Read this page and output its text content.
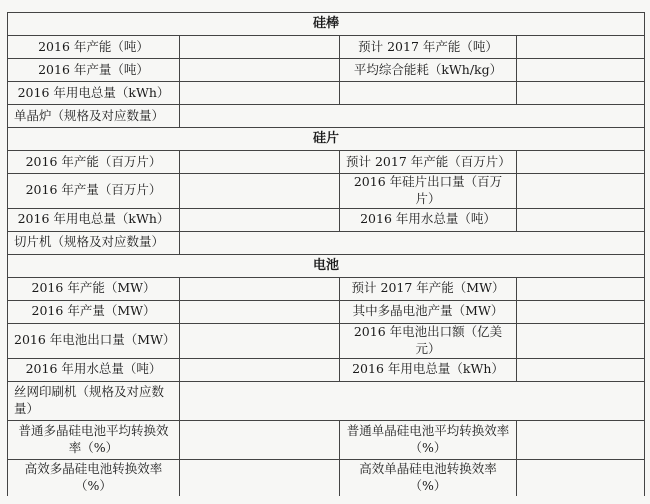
硅棒			
2016 年产能（吨）		预计 2017 年产能（吨）	
2016 年产量（吨）		平均综合能耗（kWh/kg）	
2016 年用电总量（kWh）			
单晶炉（规格及对应数量）			
硅片			
2016 年产能（百万片）		预计 2017 年产能（百万片）	
2016 年产量（百万片）		2016 年硅片出口量（百万片）	
2016 年用电总量（kWh）		2016 年用水总量（吨）	
切片机（规格及对应数量）			
电池			
2016 年产能（MW）		预计 2017 年产能（MW）	
2016 年产量（MW）		其中多晶电池产量（MW）	
2016 年电池出口量（MW）		2016 年电池出口额（亿美元）	
2016 年用水总量（吨）		2016 年用电总量（kWh）	
丝网印刷机（规格及对应数量）			
普通多晶硅电池平均转换效率（%）		普通单晶硅电池平均转换效率（%）	
高效多晶硅电池转换效率（%）		高效单晶硅电池转换效率（%）	
